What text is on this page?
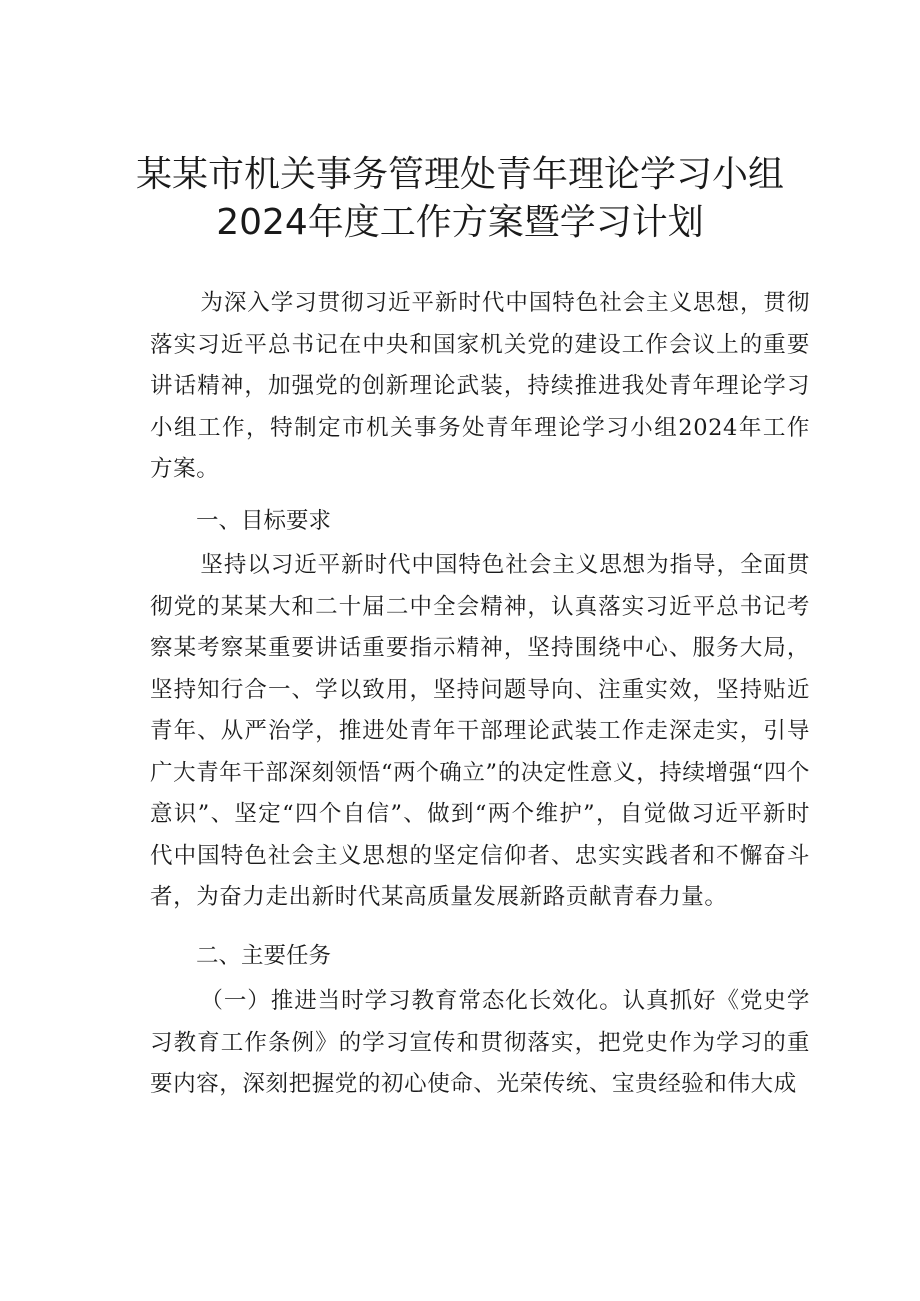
某某市机关事务管理处青年理论学习小组
2024年度工作方案暨学习计划
为深入学习贯彻习近平新时代中国特色社会主义思想，贯彻落实习近平总书记在中央和国家机关党的建设工作会议上的重要讲话精神，加强党的创新理论武装，持续推进我处青年理论学习小组工作，特制定市机关事务处青年理论学习小组2024年工作方案。
一、目标要求
坚持以习近平新时代中国特色社会主义思想为指导，全面贯彻党的某某大和二十届二中全会精神，认真落实习近平总书记考察某考察某重要讲话重要指示精神，坚持围绕中心、服务大局，坚持知行合一、学以致用，坚持问题导向、注重实效，坚持贴近青年、从严治学，推进处青年干部理论武装工作走深走实，引导广大青年干部深刻领悟“两个确立”的决定性意义，持续增强“四个意识”、坚定“四个自信”、做到“两个维护”，自觉做习近平新时代中国特色社会主义思想的坚定信仰者、忠实实践者和不懈奋斗者，为奋力走出新时代某高质量发展新路贡献青春力量。
二、主要任务
（一）推进当时学习教育常态化长效化。认真抓好《党史学习教育工作条例》的学习宣传和贯彻落实，把党史作为学习的重要内容，深刻把握党的初心使命、光荣传统、宝贵经验和伟大成
